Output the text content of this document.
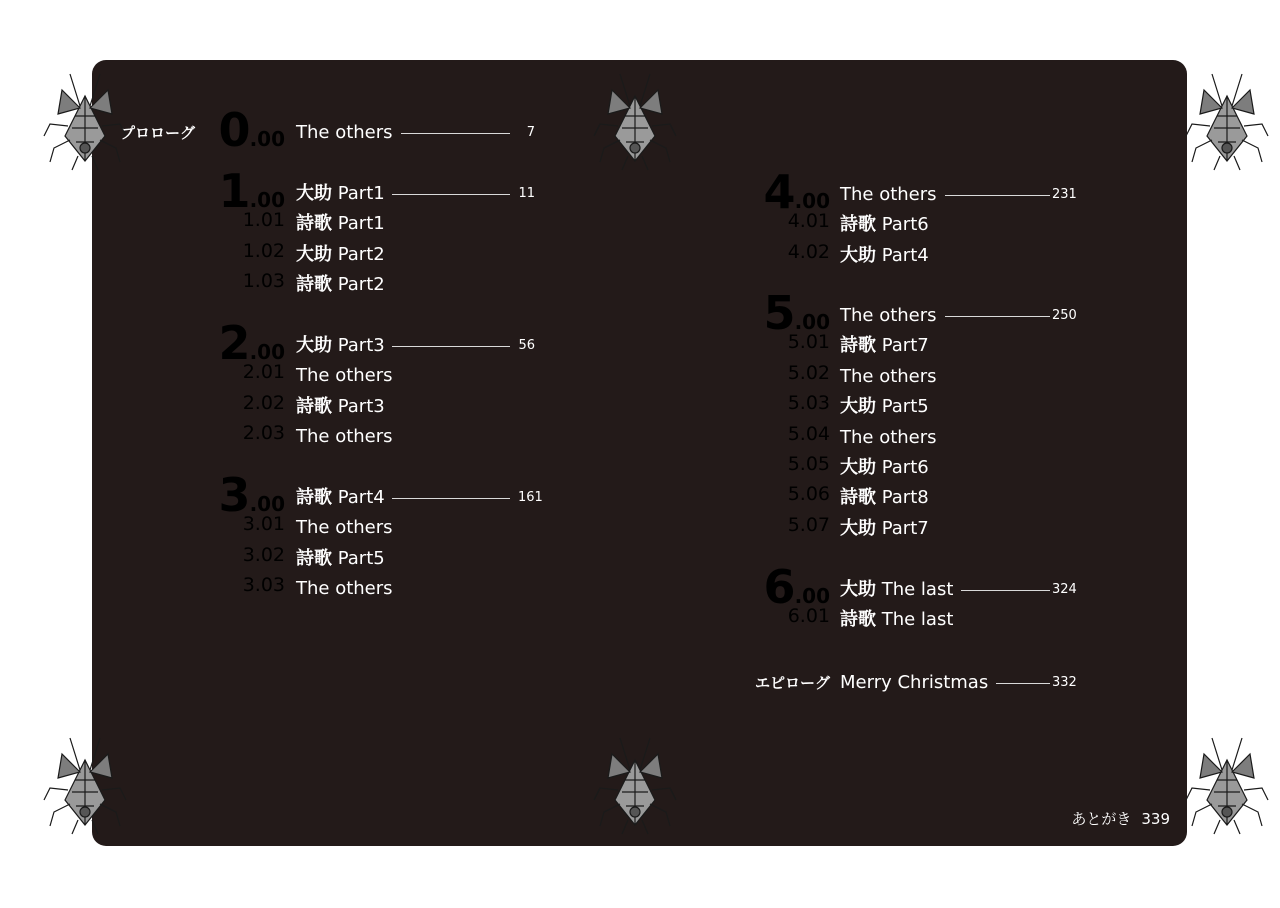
プロローグ 0.00 The others	7
1.00 大助 Part1	11
1.01 詩歌 Part1
1.02 大助 Part2
1.03 詩歌 Part2
2.00 大助 Part3	56
2.01 The others
2.02 詩歌 Part3
2.03 The others
3.00 詩歌 Part4	161
3.01 The others
3.02 詩歌 Part5
3.03 The others
4.00 The others	231
4.01 詩歌 Part6
4.02 大助 Part4
5.00 The others	250
5.01 詩歌 Part7
5.02 The others
5.03 大助 Part5
5.04 The others
5.05 大助 Part6
5.06 詩歌 Part8
5.07 大助 Part7
6.00 大助 The last	324
6.01 詩歌 The last
エピローグ Merry Christmas	332
あとがき 339
